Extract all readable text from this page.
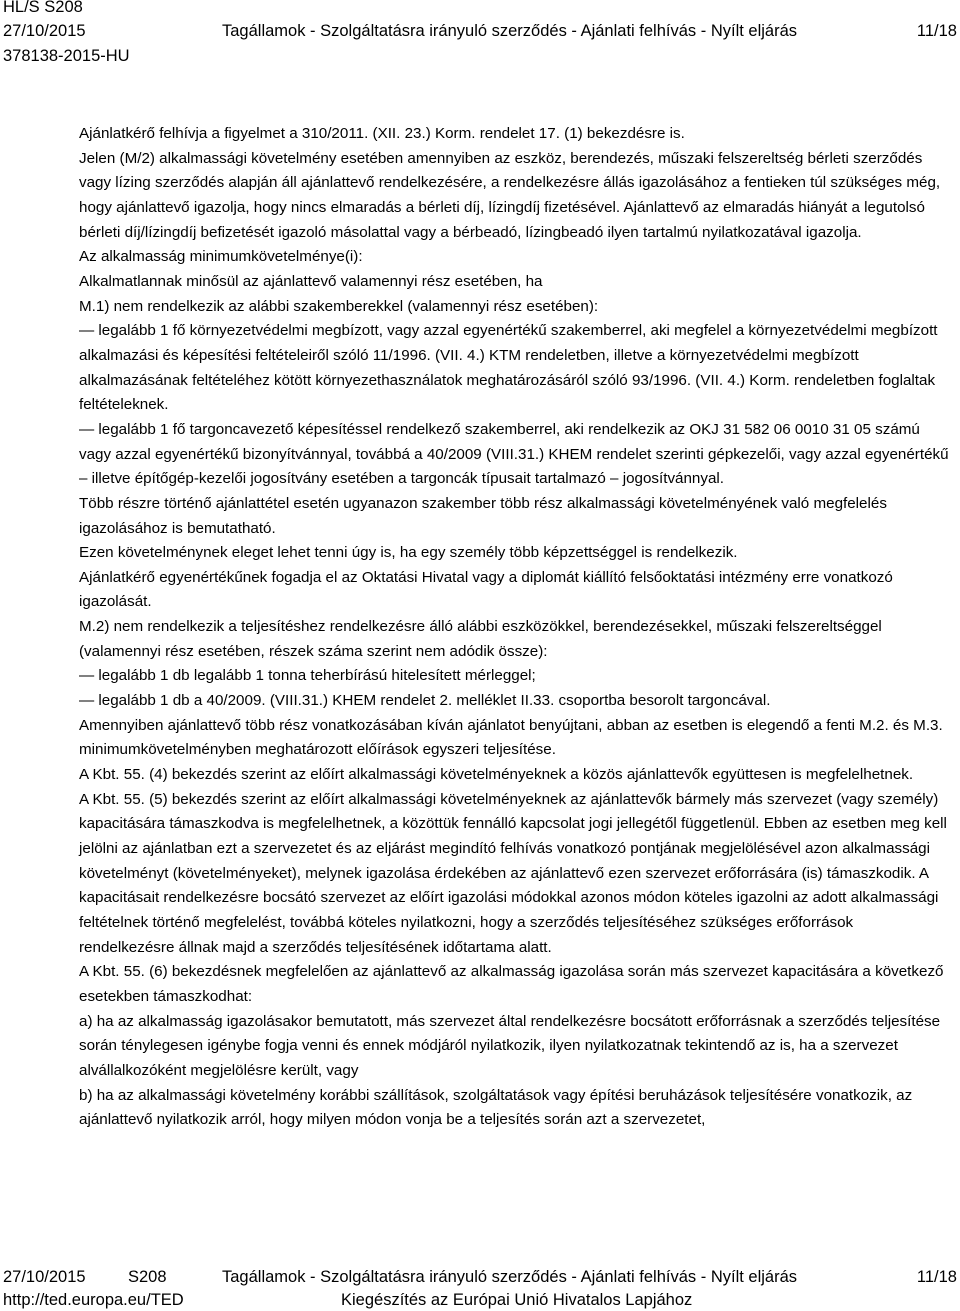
HL/S S208
27/10/2015	Tagállamok - Szolgáltatásra irányuló szerződés - Ajánlati felhívás - Nyílt eljárás	11/18
378138-2015-HU

Ajánlatkérő felhívja a figyelmet a 310/2011. (XII. 23.) Korm. rendelet 17. (1) bekezdésre is.

Jelen (M/2) alkalmassági követelmény esetében amennyiben az eszköz, berendezés, műszaki felszereltség bérleti szerződés vagy lízing szerződés alapján áll ajánlattevő rendelkezésére, a rendelkezésre állás igazolásához a fentieken túl szükséges még, hogy ajánlattevő igazolja, hogy nincs elmaradás a bérleti díj, lízingdíj fizetésével. Ajánlattevő az elmaradás hiányát a legutolsó bérleti díj/lízingdíj befizetését igazoló másolattal vagy a bérbeadó, lízingbeadó ilyen tartalmú nyilatkozatával igazolja.

Az alkalmasság minimumkövetelménye(i):

Alkalmatlannak minősül az ajánlattevő valamennyi rész esetében, ha

M.1) nem rendelkezik az alábbi szakemberekkel (valamennyi rész esetében):

— legalább 1 fő környezetvédelmi megbízott, vagy azzal egyenértékű szakemberrel, aki megfelel a környezetvédelmi megbízott alkalmazási és képesítési feltételeiről szóló 11/1996. (VII. 4.) KTM rendeletben, illetve a környezetvédelmi megbízott alkalmazásának feltételéhez kötött környezethasználatok meghatározásáról szóló 93/1996. (VII. 4.) Korm. rendeletben foglaltak feltételeknek.

— legalább 1 fő targoncavezető képesítéssel rendelkező szakemberrel, aki rendelkezik az OKJ 31 582 06 0010 31 05 számú vagy azzal egyenértékű bizonyítvánnyal, továbbá a 40/2009 (VIII.31.) KHEM rendelet szerinti gépkezelői, vagy azzal egyenértékű – illetve építőgép-kezelői jogosítvány esetében a targoncák típusait tartalmazó – jogosítvánnyal.

Több részre történő ajánlattétel esetén ugyanazon szakember több rész alkalmassági követelményének való megfelelés igazolásához is bemutatható.

Ezen követelménynek eleget lehet tenni úgy is, ha egy személy több képzettséggel is rendelkezik.

Ajánlatkérő egyenértékűnek fogadja el az Oktatási Hivatal vagy a diplomát kiállító felsőoktatási intézmény erre vonatkozó igazolását.

M.2) nem rendelkezik a teljesítéshez rendelkezésre álló alábbi eszközökkel, berendezésekkel, műszaki felszereltséggel (valamennyi rész esetében, részek száma szerint nem adódik össze):

— legalább 1 db legalább 1 tonna teherbírású hitelesített mérleggel;

— legalább 1 db a 40/2009. (VIII.31.) KHEM rendelet 2. melléklet II.33. csoportba besorolt targoncával.

Amennyiben ajánlattevő több rész vonatkozásában kíván ajánlatot benyújtani, abban az esetben is elegendő a fenti M.2. és M.3. minimumkövetelményben meghatározott előírások egyszeri teljesítése.

A Kbt. 55. (4) bekezdés szerint az előírt alkalmassági követelményeknek a közös ajánlattevők együttesen is megfelelhetnek.

A Kbt. 55. (5) bekezdés szerint az előírt alkalmassági követelményeknek az ajánlattevők bármely más szervezet (vagy személy) kapacitására támaszkodva is megfelelhetnek, a közöttük fennálló kapcsolat jogi jellegétől függetlenül. Ebben az esetben meg kell jelölni az ajánlatban ezt a szervezetet és az eljárást megindító felhívás vonatkozó pontjának megjelölésével azon alkalmassági követelményt (követelményeket), melynek igazolása érdekében az ajánlattevő ezen szervezet erőforrására (is) támaszkodik. A kapacitásait rendelkezésre bocsátó szervezet az előírt igazolási módokkal azonos módon köteles igazolni az adott alkalmassági feltételnek történő megfelelést, továbbá köteles nyilatkozni, hogy a szerződés teljesítéséhez szükséges erőforrások rendelkezésre állnak majd a szerződés teljesítésének időtartama alatt.

A Kbt. 55. (6) bekezdésnek megfelelően az ajánlattevő az alkalmasság igazolása során más szervezet kapacitására a következő esetekben támaszkodhat:

a) ha az alkalmasság igazolásakor bemutatott, más szervezet által rendelkezésre bocsátott erőforrásnak a szerződés teljesítése során ténylegesen igénybe fogja venni és ennek módjáról nyilatkozik, ilyen nyilatkozatnak tekintendő az is, ha a szervezet alvállalkozóként megjelölésre került, vagy

b) ha az alkalmassági követelmény korábbi szállítások, szolgáltatások vagy építési beruházások teljesítésére vonatkozik, az ajánlattevő nyilatkozik arról, hogy milyen módon vonja be a teljesítés során azt a szervezetet,

27/10/2015	S208	Tagállamok - Szolgáltatásra irányuló szerződés - Ajánlati felhívás - Nyílt eljárás	11/18
http://ted.europa.eu/TED	Kiegészítés az Európai Unió Hivatalos Lapjához
